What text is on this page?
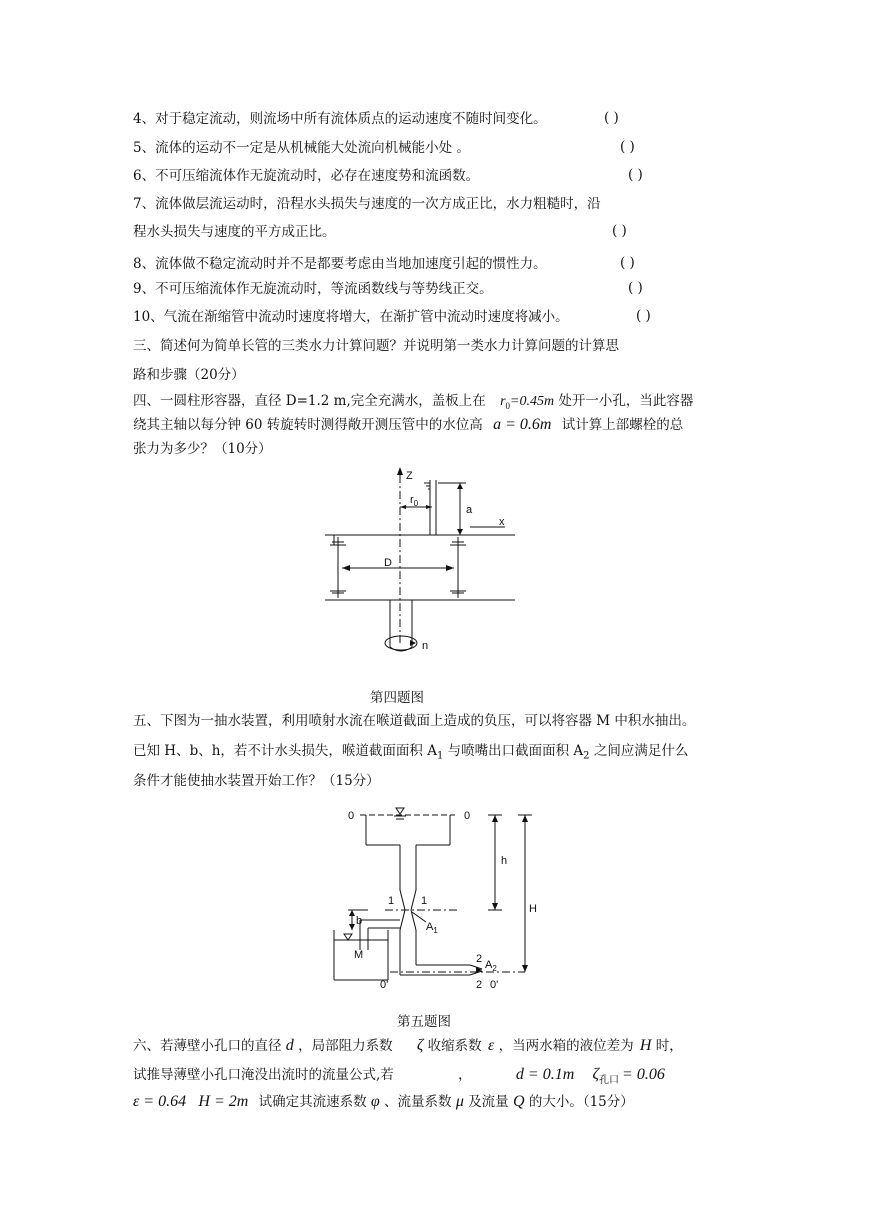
4、对于稳定流动，则流场中所有流体质点的运动速度不随时间变化。	( )
5、流体的运动不一定是从机械能大处流向机械能小处 。	( )
6、不可压缩流体作无旋流动时，必存在速度势和流函数。	( )
7、流体做层流运动时，沿程水头损失与速度的一次方成正比，水力粗糙时，沿
程水头损失与速度的平方成正比。	( )
8、流体做不稳定流动时并不是都要考虑由当地加速度引起的惯性力。	( )
9、不可压缩流体作无旋流动时，等流函数线与等势线正交。	( )
10、气流在渐缩管中流动时速度将增大，在渐扩管中流动时速度将减小。	( )
三、简述何为简单长管的三类水力计算问题？并说明第一类水力计算问题的计算思
路和步骤（20分）
四、一圆柱形容器，直径 D=1.2 m,完全充满水，盖板上在 $r_0=0.45m$ 处开一小孔，当此容器
绕其主轴以每分钟 60 转旋转时测得敞开测压管中的水位高 a = 0.6m 试计算上部螺栓的总
张力为多少？（10分）
Z
$r_0$
a
x
D
n
第四题图
五、下图为一抽水装置，利用喷射水流在喉道截面上造成的负压，可以将容器 M 中积水抽出。
已知 H、b、h，若不计水头损失，喉道截面面积 $A_1$ 与喷嘴出口截面面积 $A_2$ 之间应满足什么
条件才能使抽水装置开始工作？（15分）
0	0
h
H
1 1
$A_1$
b
M	2
2
$A_2$
0'	0'
第五题图
六、若薄壁小孔口的直径 d ，局部阻力系数 ζ 收缩系数 ε ，当两水箱的液位差为 H 时，
试推导薄壁小孔口淹没出流时的流量公式,若	，	d = 0.1m $\zeta_{孔口} = 0.06$
ε = 0.64 H = 2m 试确定其流速系数 φ 、流量系数 μ 及流量 Q 的大小。（15分）
